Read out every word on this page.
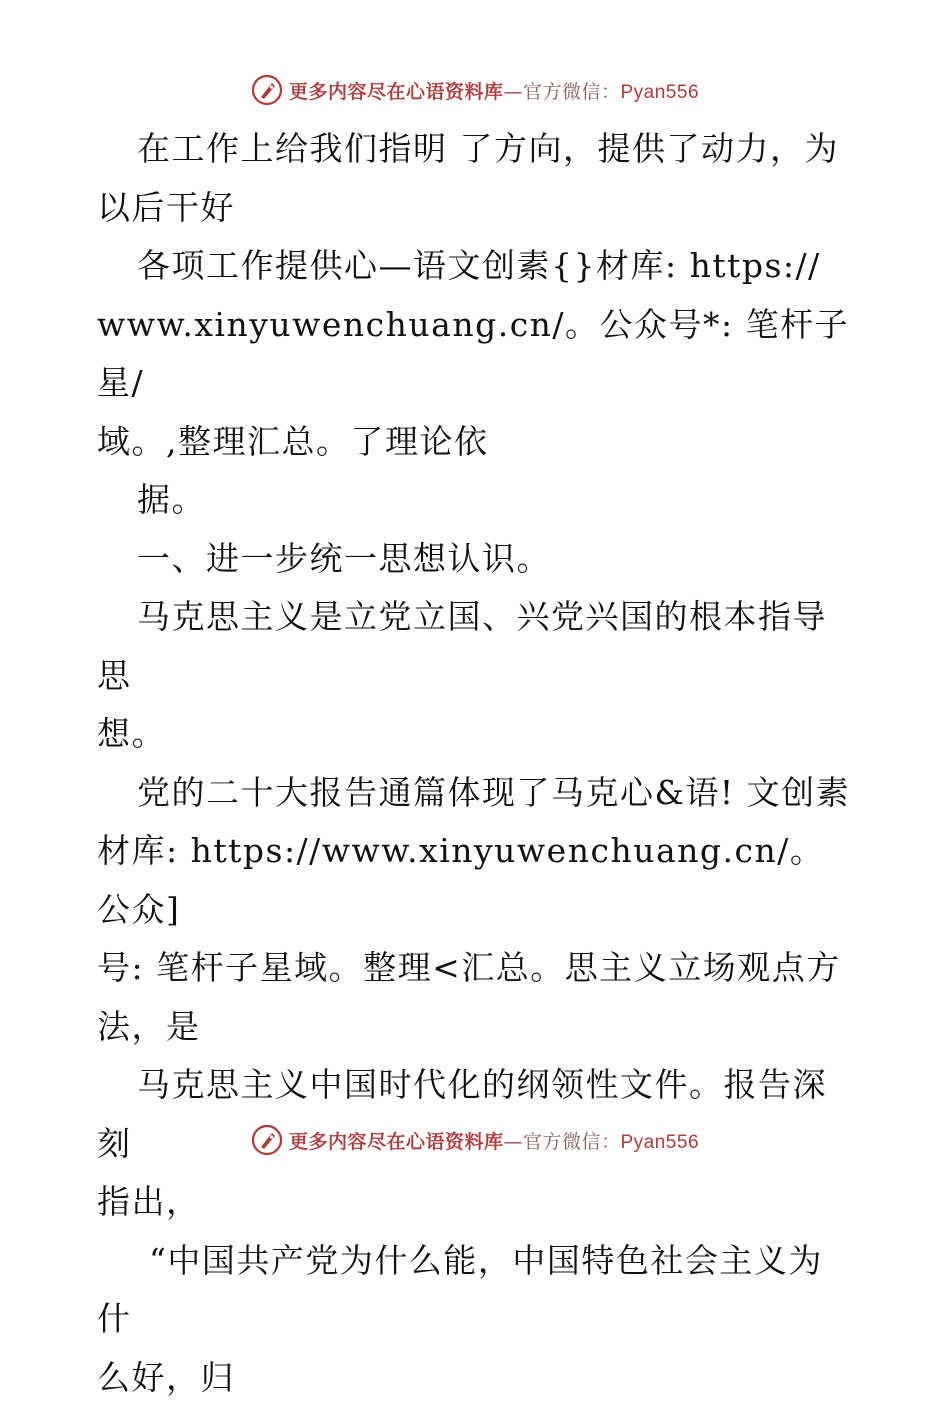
更多内容尽在心语资料库—官方微信：Pyan556

在工作上给我们指明 了方向，提供了动力，为

以后干好

各项工作提供心—语文创素{}材库: https://

www.xinyuwenchuang.cn/。公众号*: 笔杆子星/

域。,整理汇总。了理论依

据。

一、进一步统一思想认识。

马克思主义是立党立国、兴党兴国的根本指导思

想。

党的二十大报告通篇体现了马克心&语! 文创素

材库: https://www.xinyuwenchuang.cn/。公众]

号: 笔杆子星域。整理<汇总。思主义立场观点方

法，是

马克思主义中国时代化的纲领性文件。报告深刻

指出，

“中国共产党为什么能，中国特色社会主义为什

么好，归

更多内容尽在心语资料库—官方微信：Pyan556
